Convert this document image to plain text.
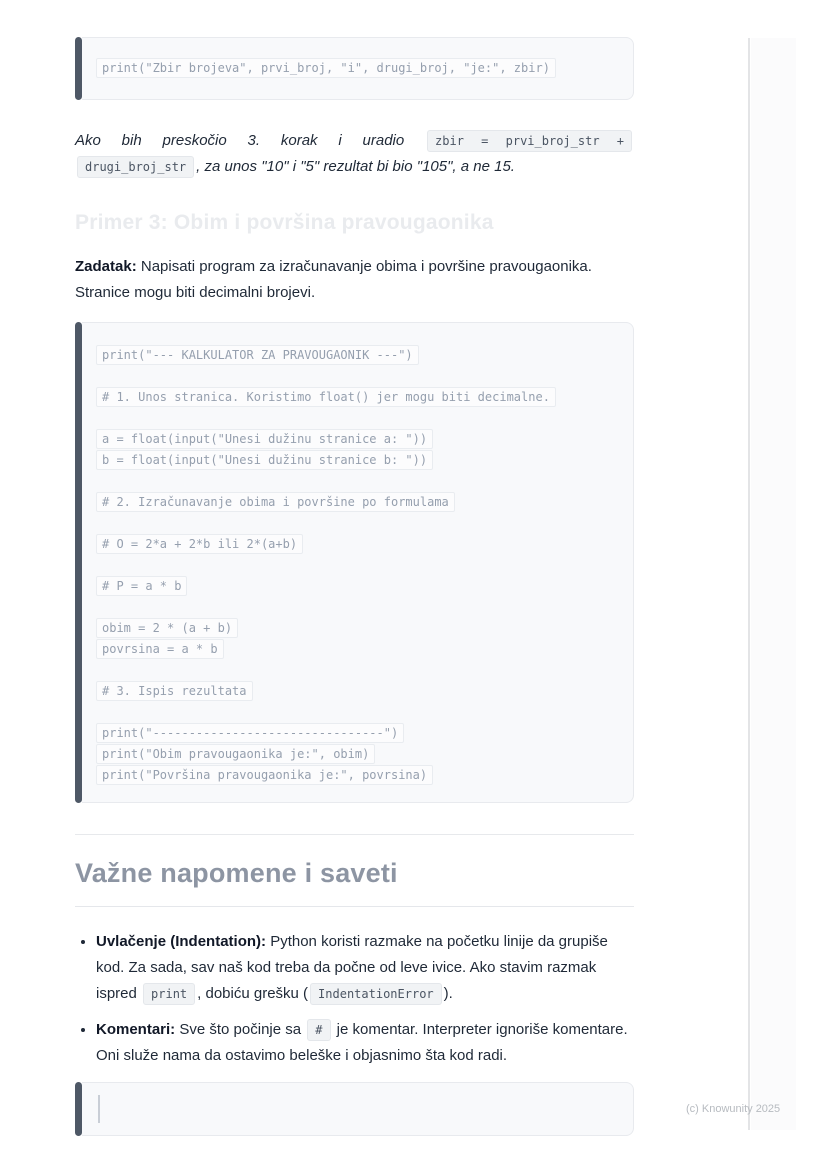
print("Zbir brojeva", prvi_broj, "i", drugi_broj, "je:", zbir)

Ako bih preskočio 3. korak i uradio zbir = prvi_broj_str +drugi_broj_str , za unos "10" i "5" rezultat bi bio "105", a ne 15.

Primer 3: Obim i površina pravougaonika

Zadatak: Napisati program za izračunavanje obima i površine pravougaonika. Stranice mogu biti decimalni brojevi.

print("--- KALKULATOR ZA PRAVOUGAONIK ---")
# 1. Unos stranica. Koristimo float() jer mogu biti decimalne.
a = float(input("Unesi dužinu stranice a: "))
b = float(input("Unesi dužinu stranice b: "))
# 2. Izračunavanje obima i površine po formulama
# O = 2*a + 2*b ili 2*(a+b)
# P = a * b
obim = 2 * (a + b)
povrsina = a * b
# 3. Ispis rezultata
print("--------------------------------")
print("Obim pravougaonika je:", obim)
print("Površina pravougaonika je:", povrsina)
Važne napomene i saveti
• Uvlačenje (Indentation): Python koristi razmake na početku linije da grupiše kod. Za sada, sav naš kod treba da počne od leve ivice. Ako stavim razmak ispred print , dobiću grešku ( IndentationError ).
• Komentari: Sve što počinje sa # je komentar. Interpreter ignoriše komentare. Oni služe nama da ostavimo beleške i objasnimo šta kod radi.
(c) Knowunity 2025
